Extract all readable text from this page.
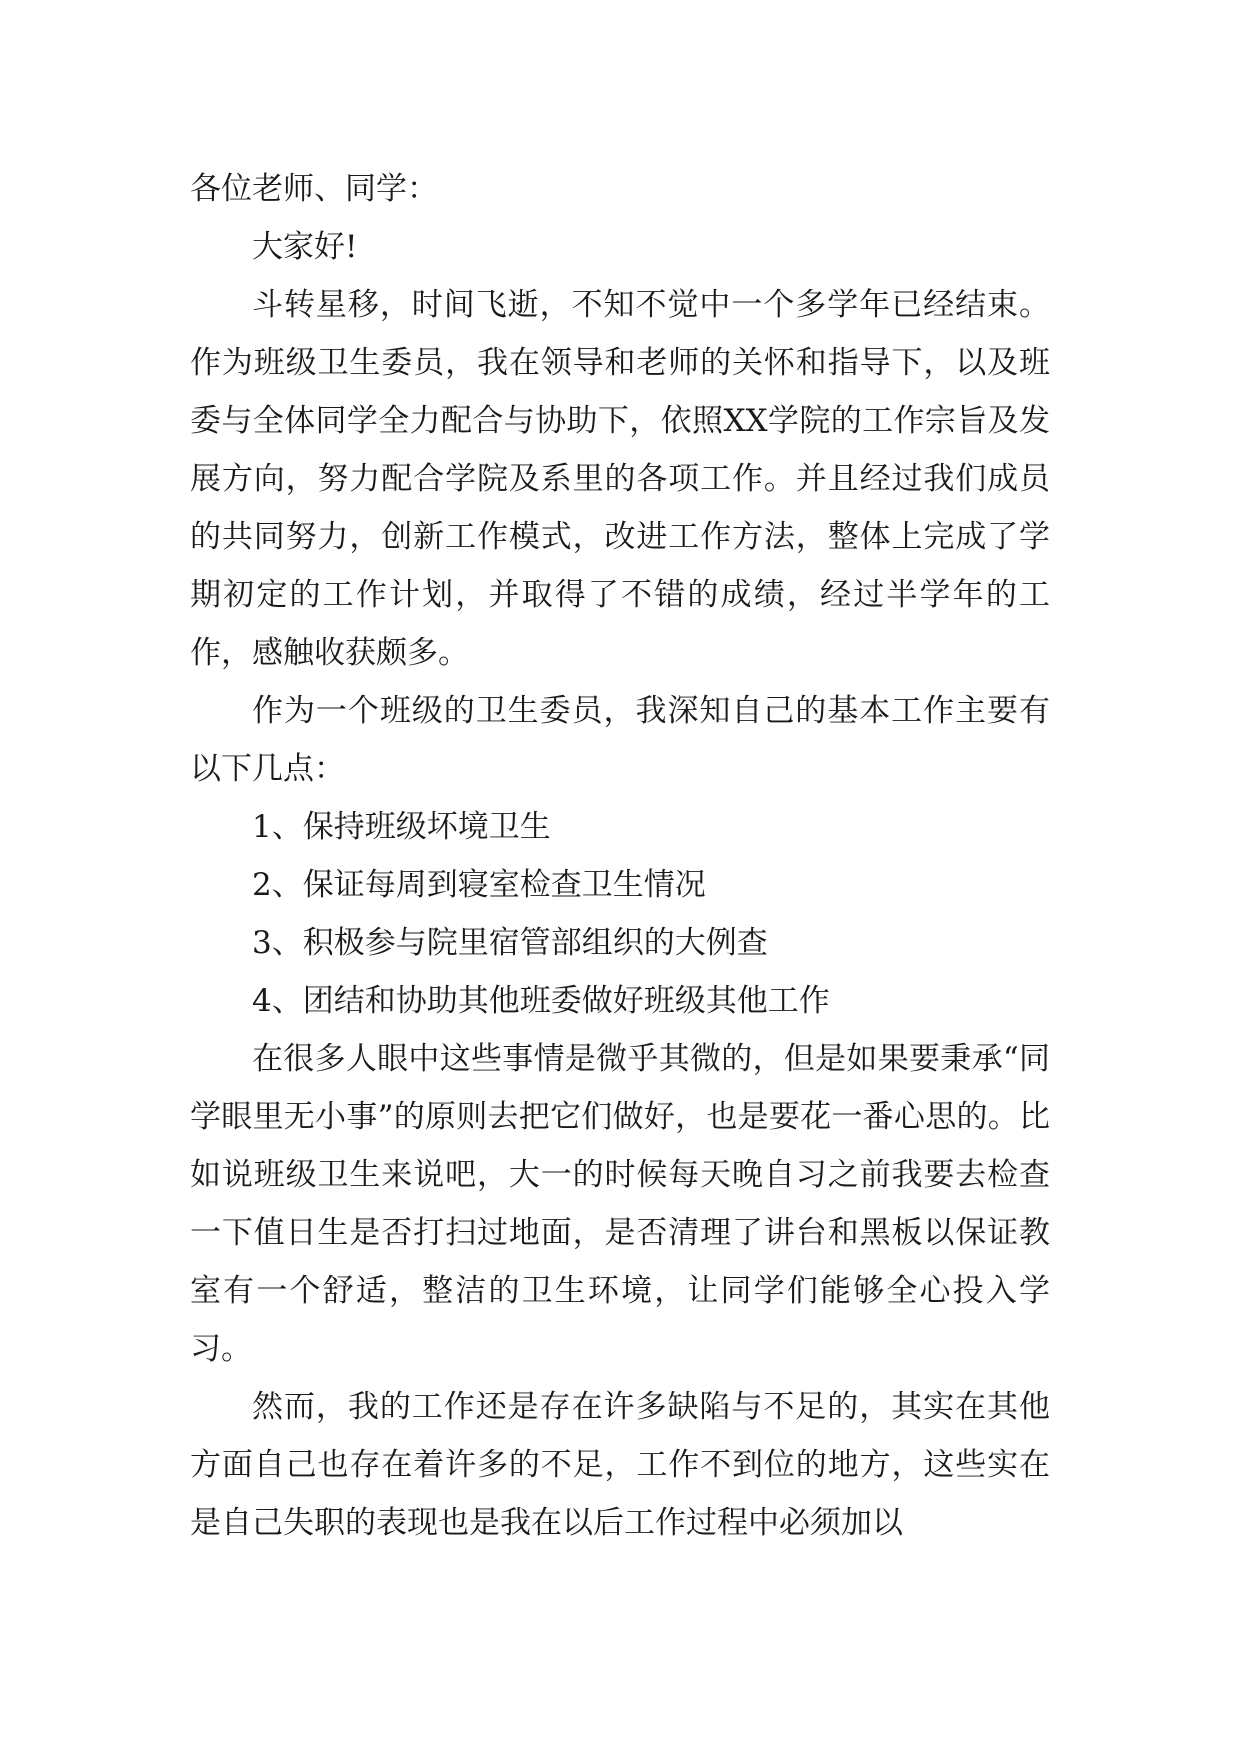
各位老师、同学：

大家好!

斗转星移，时间飞逝，不知不觉中一个多学年已经结束。作为班级卫生委员，我在领导和老师的关怀和指导下，以及班委与全体同学全力配合与协助下，依照XX学院的工作宗旨及发展方向，努力配合学院及系里的各项工作。并且经过我们成员的共同努力，创新工作模式，改进工作方法，整体上完成了学期初定的工作计划，并取得了不错的成绩，经过半学年的工作，感触收获颇多。

作为一个班级的卫生委员，我深知自己的基本工作主要有以下几点：

1、保持班级坏境卫生

2、保证每周到寝室检查卫生情况

3、积极参与院里宿管部组织的大例查

4、团结和协助其他班委做好班级其他工作

在很多人眼中这些事情是微乎其微的，但是如果要秉承“同学眼里无小事”的原则去把它们做好，也是要花一番心思的。比如说班级卫生来说吧，大一的时候每天晚自习之前我要去检查一下值日生是否打扫过地面，是否清理了讲台和黑板以保证教室有一个舒适，整洁的卫生环境，让同学们能够全心投入学习。

然而，我的工作还是存在许多缺陷与不足的，其实在其他方面自己也存在着许多的不足，工作不到位的地方，这些实在是自己失职的表现也是我在以后工作过程中必须加以
